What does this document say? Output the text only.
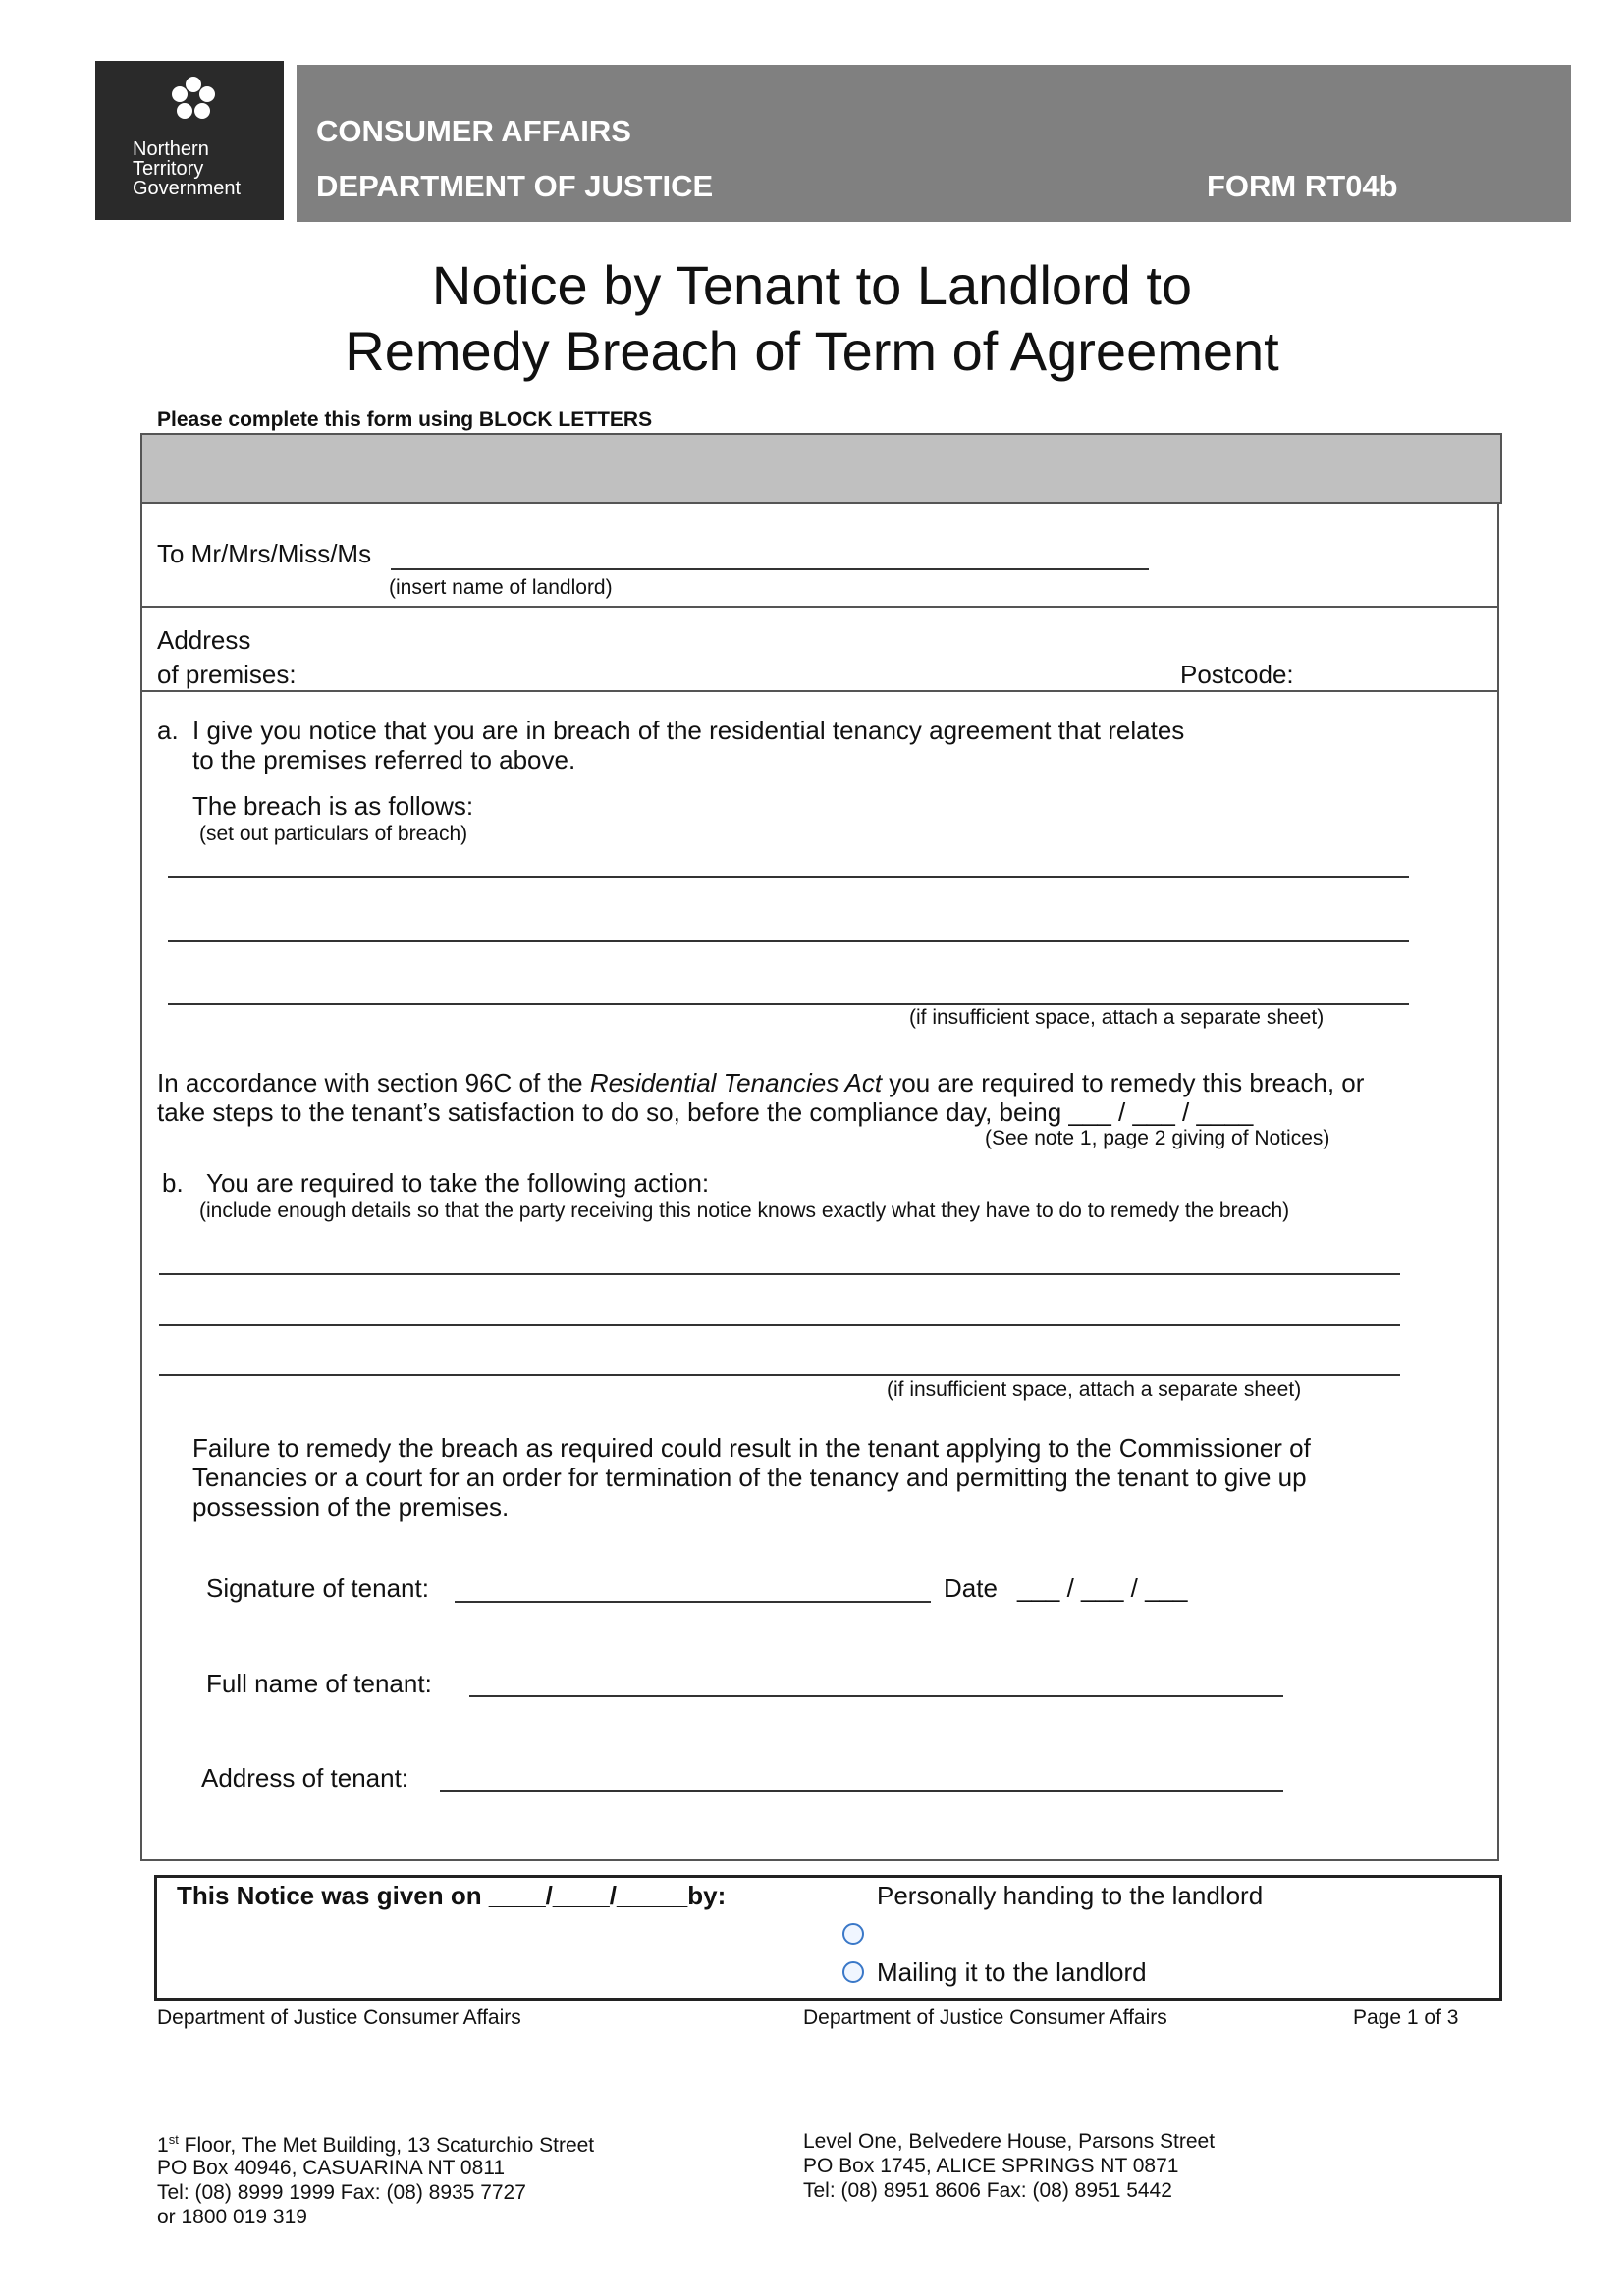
Northern
Territory
Government
CONSUMER AFFAIRS
DEPARTMENT OF JUSTICE	FORM RT04b
Notice by Tenant to Landlord to
Remedy Breach of Term of Agreement
Please complete this form using BLOCK LETTERS
To Mr/Mrs/Miss/Ms
(insert name of landlord)
Address
of premises:	Postcode:
a. I give you notice that you are in breach of the residential tenancy agreement that relates
to the premises referred to above.
The breach is as follows:
(set out particulars of breach)
(if insufficient space, attach a separate sheet)
In accordance with section 96C of the Residential Tenancies Act you are required to remedy this breach, or
take steps to the tenant’s satisfaction to do so, before the compliance day, being ___ / ___ / ____
(See note 1, page 2 giving of Notices)
b. You are required to take the following action:
(include enough details so that the party receiving this notice knows exactly what they have to do to remedy the breach)
(if insufficient space, attach a separate sheet)
Failure to remedy the breach as required could result in the tenant applying to the Commissioner of
Tenancies or a court for an order for termination of the tenancy and permitting the tenant to give up
possession of the premises.
Signature of tenant:	Date ___ / ___ / ___
Full name of tenant:
Address of tenant:
This Notice was given on ____/____/_____by:	Personally handing to the landlord
Mailing it to the landlord
Department of Justice Consumer Affairs	Department of Justice Consumer Affairs	Page 1 of 3
1st Floor, The Met Building, 13 Scaturchio Street
PO Box 40946, CASUARINA NT 0811
Tel: (08) 8999 1999 Fax: (08) 8935 7727
or 1800 019 319
Level One, Belvedere House, Parsons Street
PO Box 1745, ALICE SPRINGS NT 0871
Tel: (08) 8951 8606 Fax: (08) 8951 5442
